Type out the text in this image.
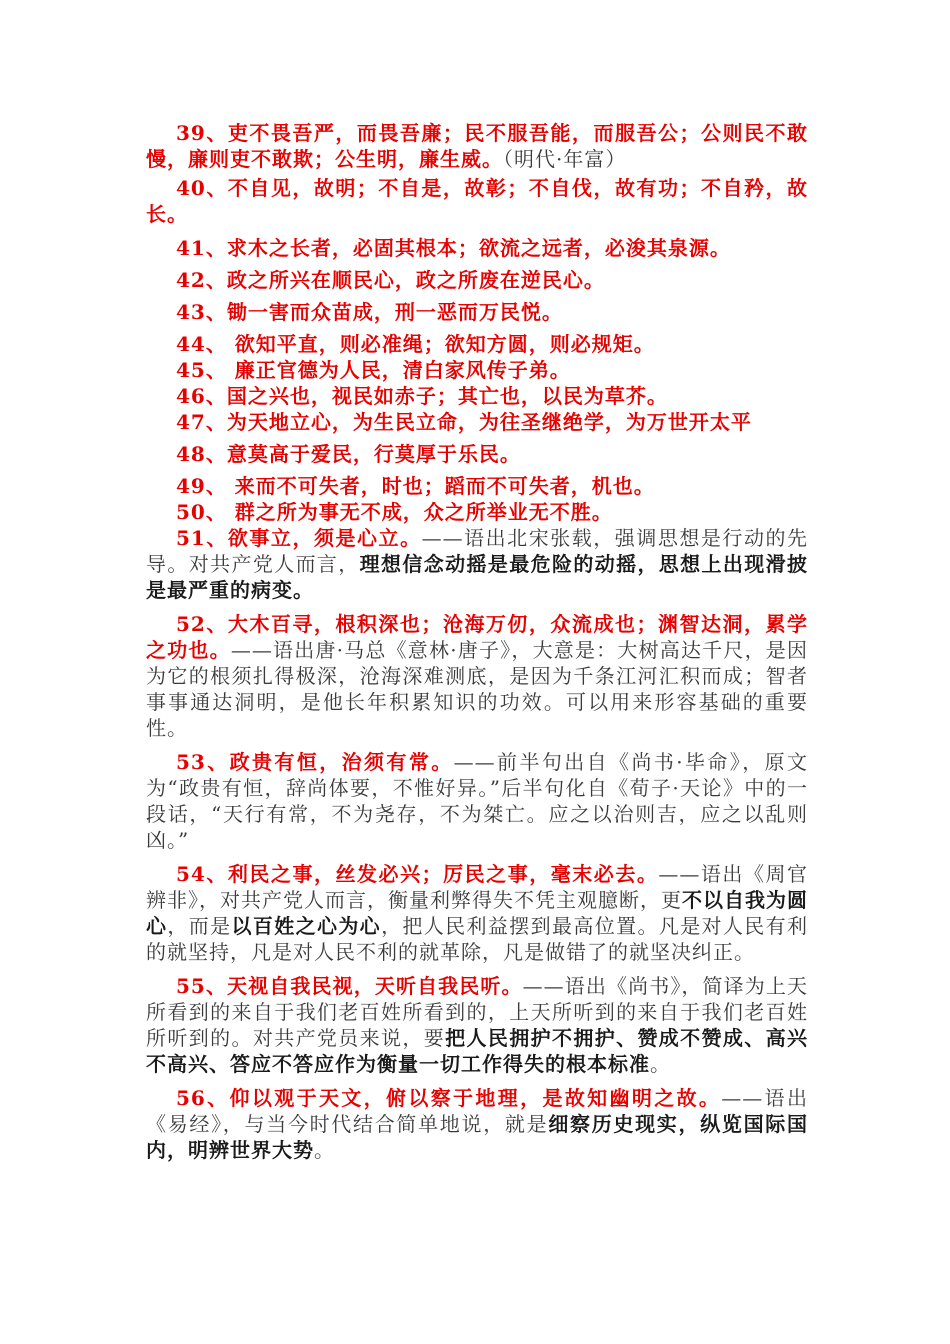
39、吏不畏吾严，而畏吾廉；民不服吾能，而服吾公；公则民不敢慢，廉则吏不敢欺；公生明，廉生威。（明代·年富）

40、不自见，故明；不自是，故彰；不自伐，故有功；不自矜，故长。

41、求木之长者，必固其根本；欲流之远者，必浚其泉源。

42、政之所兴在顺民心，政之所废在逆民心。

43、锄一害而众苗成，刑一恶而万民悦。

44、 欲知平直，则必准绳；欲知方圆，则必规矩。

45、 廉正官德为人民，清白家风传子弟。

46、国之兴也，视民如赤子；其亡也，以民为草芥。

47、为天地立心，为生民立命，为往圣继绝学，为万世开太平

48、意莫高于爱民，行莫厚于乐民。

49、 来而不可失者，时也；蹈而不可失者，机也。

50、 群之所为事无不成，众之所举业无不胜。

51、欲事立，须是心立。——语出北宋张载，强调思想是行动的先导。对共产党人而言，理想信念动摇是最危险的动摇，思想上出现滑披是最严重的病变。

52、大木百寻，根积深也；沧海万仞，众流成也；渊智达洞，累学之功也。——语出唐·马总《意林·唐子》，大意是：大树高达千尺，是因为它的根须扎得极深，沧海深难测底，是因为千条江河汇积而成；智者事事通达洞明，是他长年积累知识的功效。可以用来形容基础的重要性。

53、政贵有恒，治须有常。——前半句出自《尚书·毕命》，原文为“政贵有恒，辞尚体要，不惟好异。”后半句化自《荀子·天论》中的一段话，“天行有常，不为尧存，不为桀亡。应之以治则吉，应之以乱则凶。”

54、利民之事，丝发必兴；厉民之事，毫末必去。——语出《周官辨非》，对共产党人而言，衡量利弊得失不凭主观臆断，更不以自我为圆心，而是以百姓之心为心，把人民利益摆到最高位置。凡是对人民有利的就坚持，凡是对人民不利的就革除，凡是做错了的就坚决纠正。

55、天视自我民视，天听自我民听。——语出《尚书》，简译为上天所看到的来自于我们老百姓所看到的，上天所听到的来自于我们老百姓所听到的。对共产党员来说，要把人民拥护不拥护、赞成不赞成、高兴不高兴、答应不答应作为衡量一切工作得失的根本标准。

56、仰以观于天文，俯以察于地理，是故知幽明之故。——语出《易经》，与当今时代结合简单地说，就是细察历史现实，纵览国际国内，明辨世界大势。
